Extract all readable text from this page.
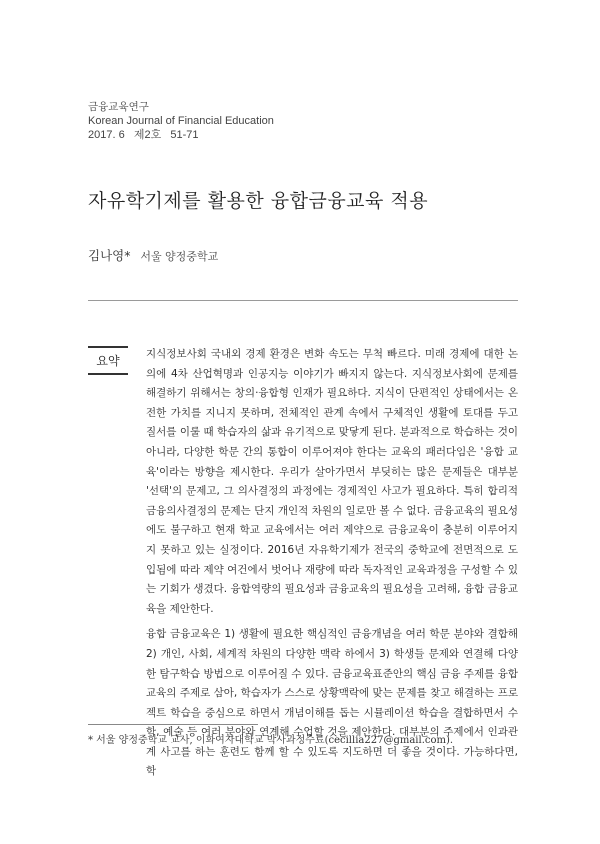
금융교육연구
Korean Journal of Financial Education
2017. 6   제2호   51-71
자유학기제를 활용한 융합금융교육 적용
김나영* 서울 양정중학교
요약	지식정보사회 국내외 경제 환경은 변화 속도는 무척 빠르다. 미래 경제에 대한 논의에 4차 산업혁명과 인공지능 이야기가 빠지지 않는다. 지식정보사회에 문제를 해결하기 위해서는 창의·융합형 인재가 필요하다. 지식이 단편적인 상태에서는 온전한 가치를 지니지 못하며, 전체적인 관계 속에서 구체적인 생활에 토대를 두고 질서를 이룰 때 학습자의 삶과 유기적으로 맞닿게 된다. 분과적으로 학습하는 것이 아니라, 다양한 학문 간의 통합이 이루어져야 한다는 교육의 패러다임은 '융합 교육'이라는 방향을 제시한다. 우리가 살아가면서 부딪히는 많은 문제들은 대부분 '선택'의 문제고, 그 의사결정의 과정에는 경제적인 사고가 필요하다. 특히 합리적 금융의사결정의 문제는 단지 개인적 차원의 일로만 볼 수 없다. 금융교육의 필요성에도 불구하고 현재 학교 교육에서는 여러 제약으로 금융교육이 충분히 이루어지지 못하고 있는 실정이다. 2016년 자유학기제가 전국의 중학교에 전면적으로 도입됨에 따라 제약 여건에서 벗어나 재량에 따라 독자적인 교육과정을 구성할 수 있는 기회가 생겼다. 융합역량의 필요성과 금융교육의 필요성을 고려해, 융합 금융교육을 제안한다.

융합 금융교육은 1) 생활에 필요한 핵심적인 금융개념을 여러 학문 분야와 결합해 2) 개인, 사회, 세계적 차원의 다양한 맥락 하에서 3) 학생들 문제와 연결해 다양한 탐구학습 방법으로 이루어질 수 있다. 금융교육표준안의 핵심 금융 주제를 융합교육의 주제로 삼아, 학습자가 스스로 상황맥락에 맞는 문제를 찾고 해결하는 프로젝트 학습을 중심으로 하면서 개념이해를 돕는 시뮬레이션 학습을 결합하면서 수학, 예술 등 여러 분야와 연계해 수업할 것을 제안한다. 대부분의 주제에서 인과관계 사고를 하는 훈련도 함께 할 수 있도록 지도하면 더 좋을 것이다. 가능하다면, 학

* 서울 양정중학교 교사, 이화여자대학교 박사과정수료(cecillia227@gmail.com).
